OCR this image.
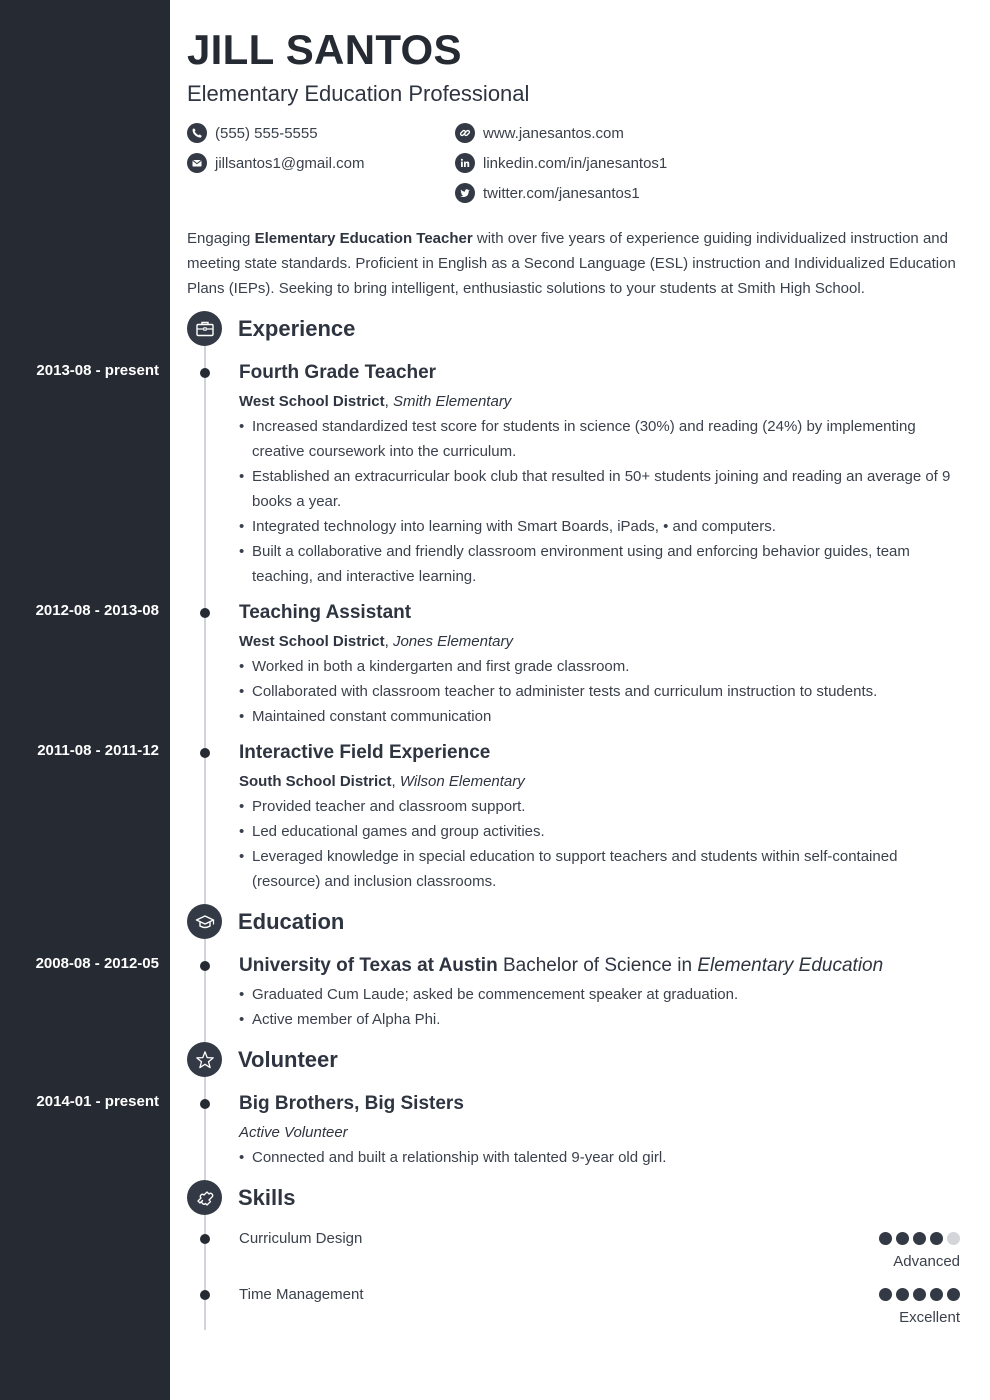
JILL SANTOS
Elementary Education Professional
(555) 555-5555
jillsantos1@gmail.com
www.janesantos.com
linkedin.com/in/janesantos1
twitter.com/janesantos1

Engaging Elementary Education Teacher with over five years of experience guiding individualized instruction and meeting state standards. Proficient in English as a Second Language (ESL) instruction and Individualized Education Plans (IEPs). Seeking to bring intelligent, enthusiastic solutions to your students at Smith High School.

Experience
2013-08 - present	Fourth Grade Teacher
West School District, Smith Elementary
• Increased standardized test score for students in science (30%) and reading (24%) by implementing creative coursework into the curriculum.
• Established an extracurricular book club that resulted in 50+ students joining and reading an average of 9 books a year.
• Integrated technology into learning with Smart Boards, iPads, • and computers.
• Built a collaborative and friendly classroom environment using and enforcing behavior guides, team teaching, and interactive learning.
2012-08 - 2013-08	Teaching Assistant
West School District, Jones Elementary
• Worked in both a kindergarten and first grade classroom.
• Collaborated with classroom teacher to administer tests and curriculum instruction to students.
• Maintained constant communication
2011-08 - 2011-12	Interactive Field Experience
South School District, Wilson Elementary
• Provided teacher and classroom support.
• Led educational games and group activities.
• Leveraged knowledge in special education to support teachers and students within self-contained (resource) and inclusion classrooms.
Education
2008-08 - 2012-05	University of Texas at Austin Bachelor of Science in Elementary Education
• Graduated Cum Laude; asked be commencement speaker at graduation.
• Active member of Alpha Phi.
Volunteer
2014-01 - present	Big Brothers, Big Sisters
Active Volunteer
• Connected and built a relationship with talented 9-year old girl.
Skills
Curriculum Design
Advanced
Time Management
Excellent
